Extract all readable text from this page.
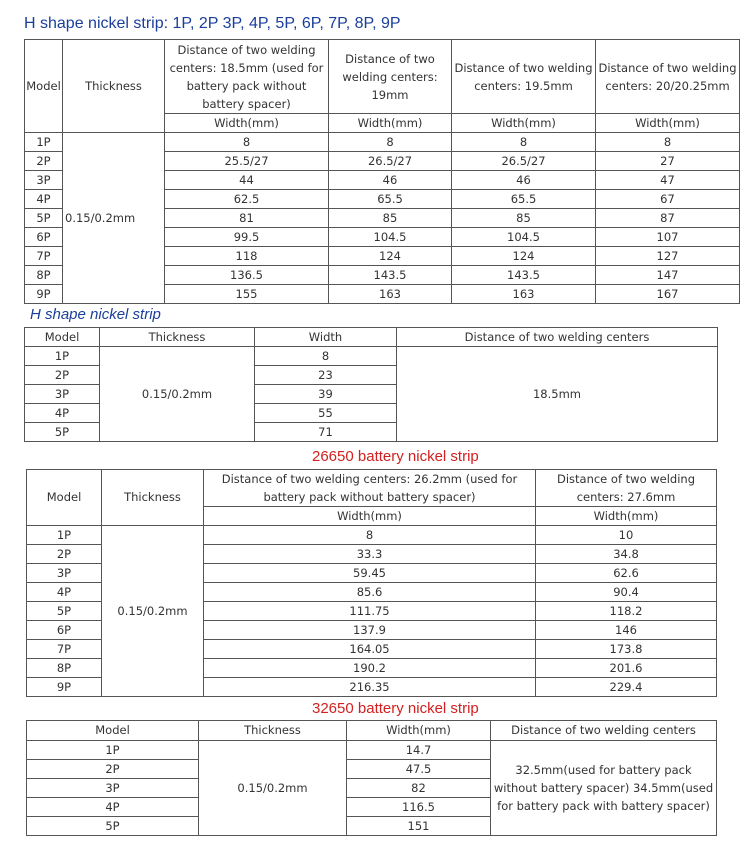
H shape nickel strip: 1P, 2P 3P, 4P, 5P, 6P, 7P, 8P, 9P
Model	Thickness	Distance of two welding centers: 18.5mm (used for battery pack without battery spacer)	Distance of two welding centers: 19mm	Distance of two welding centers: 19.5mm	Distance of two welding centers: 20/20.25mm
		Width(mm)	Width(mm)	Width(mm)	Width(mm)
1P	0.15/0.2mm	8	8	8	8
2P		25.5/27	26.5/27	26.5/27	27
3P		44	46	46	47
4P		62.5	65.5	65.5	67
5P		81	85	85	87
6P		99.5	104.5	104.5	107
7P		118	124	124	127
8P		136.5	143.5	143.5	147
9P		155	163	163	167
H shape nickel strip
Model	Thickness	Width	Distance of two welding centers
1P	0.15/0.2mm	8	18.5mm
2P		23	
3P		39	
4P		55	
5P		71	
26650 battery nickel strip
Model	Thickness	Distance of two welding centers: 26.2mm (used for battery pack without battery spacer)	Distance of two welding centers: 27.6mm
		Width(mm)	Width(mm)
1P	0.15/0.2mm	8	10
2P		33.3	34.8
3P		59.45	62.6
4P		85.6	90.4
5P		111.75	118.2
6P		137.9	146
7P		164.05	173.8
8P		190.2	201.6
9P		216.35	229.4
32650 battery nickel strip
Model	Thickness	Width(mm)	Distance of two welding centers
1P	0.15/0.2mm	14.7	32.5mm(used for battery pack without battery spacer) 34.5mm(used for battery pack with battery spacer)
2P		47.5	
3P		82	
4P		116.5	
5P		151	
